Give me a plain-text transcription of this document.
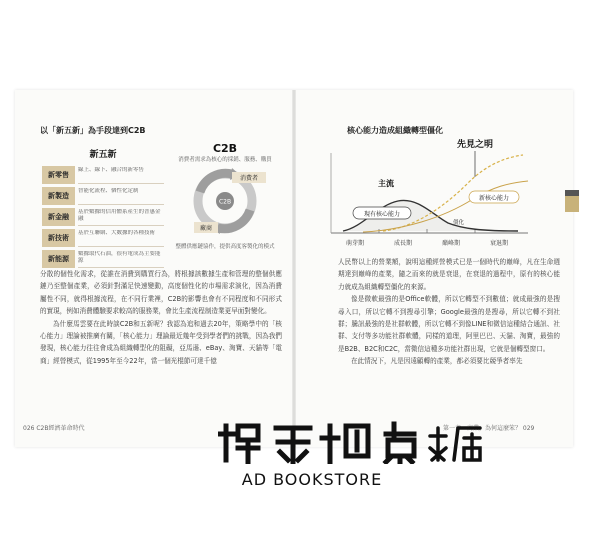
以「新五新」為手段達到C2B
新五新
新零售
線上、線下、融合的新零售
新製造
智能化流程、個性化定制
新金融
基於數據的信用體系產生的普惠金融
新技術
基於互聯網、大數據的各種技術
新能源
數據取代石油，很有電成為主要能源
C2B
消費者需求為核心的採銷、服務、購買
C2B
消費者
廠商
整體供應鏈協作，提供高度客製化的模式

分散的個性化需求，從誰在消費到購買行為，將根據該數據生產和管理的整個供應鏈乃至整個產業，必須針對滿足快速變動，高度個性化的市場需求演化，因為消費屬性不同，就得根據流程，在不同行業裡，C2B的影響也會有不同程度和不同形式的實現，例如消費體驗要求較高的服務業，會比生產流程制造業更早面對變化。

為什麼馬雲要在此時談C2B和五新呢？我認為追和過去20年，策略學中的「核心能力」理論被推廣有關，「核心能力」理論最近幾年受到學者們的挑戰，因為我們發現，核心能力往往會成為組織轉型化的阻礙，亞馬遜、eBay、淘寶、天貓等「電商」經營模式，從1995年至今22年，當一個光棍節可達千億

026 C2B經濟革命時代
核心能力造成組織轉型僵化
現有核心能力
新核心能力
先見之明
主流
僵化
萌芽期	成長期	巔峰期	衰退期

人民幣以上的營業額，說明這種經營模式已是一個時代的巔峰，凡在生命週期達到巔峰的產業，隨之而來的就是衰退，在衰退的過程中，原有的核心能力就成為組織轉型僵化的來源。

像是微軟最強的是Office軟體，所以它轉型不到數值；就成最強的是搜尋入口，所以它轉不到搜尋引擎；Google最強的是搜尋，所以它轉不到社群；騰訊最強的是社群軟體，所以它轉不到像LINE和微信這種結合通訊、社群、支付等多功能社群軟體，同樣的道理，阿里巴巴、天貓、淘寶，最強的是B2B、B2C和C2C，當微信這種多功能社群出現，它就是個轉型窗口。

在此情況下，凡是因遠顧轉的產業，都必須要比競爭者率先

第一章　商業，為何這麼笨？ 029
AD BOOKSTORE
